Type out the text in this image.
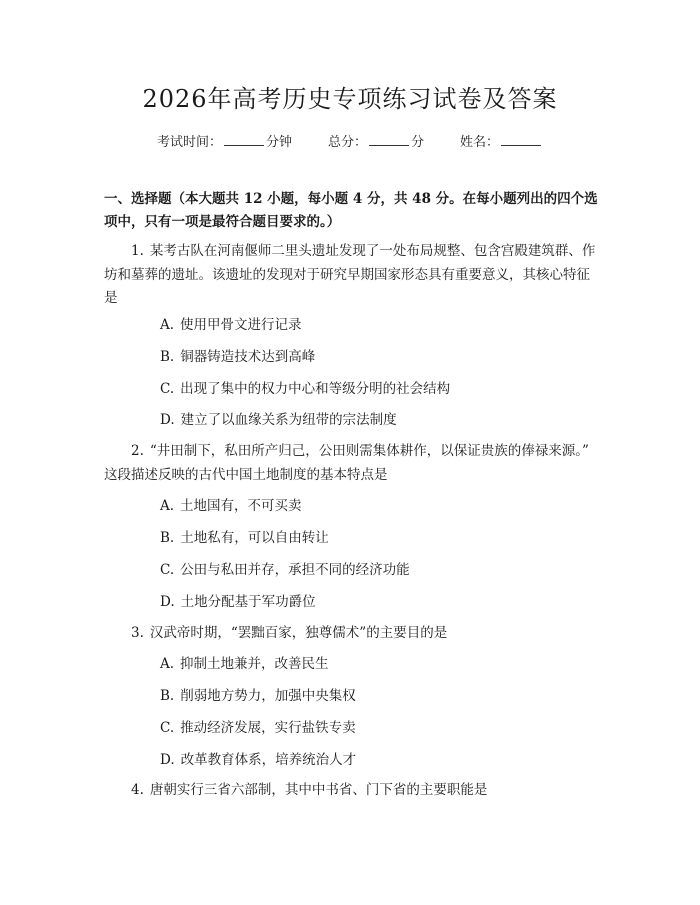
2026年高考历史专项练习试卷及答案
考试时间：	分钟	总分：	分	姓名：
一、选择题（本大题共 12 小题，每小题 4 分，共 48 分。在每小题列出的四个选项中，只有一项是最符合题目要求的。）
1. 某考古队在河南偃师二里头遗址发现了一处布局规整、包含宫殿建筑群、作坊和墓葬的遗址。该遗址的发现对于研究早期国家形态具有重要意义，其核心特征是
A. 使用甲骨文进行记录
B. 铜器铸造技术达到高峰
C. 出现了集中的权力中心和等级分明的社会结构
D. 建立了以血缘关系为纽带的宗法制度
2. “井田制下，私田所产归己，公田则需集体耕作，以保证贵族的俸禄来源。” 这段描述反映的古代中国土地制度的基本特点是
A. 土地国有，不可买卖
B. 土地私有，可以自由转让
C. 公田与私田并存，承担不同的经济功能
D. 土地分配基于军功爵位
3. 汉武帝时期，“罢黜百家，独尊儒术”的主要目的是
A. 抑制土地兼并，改善民生
B. 削弱地方势力，加强中央集权
C. 推动经济发展，实行盐铁专卖
D. 改革教育体系，培养统治人才
4. 唐朝实行三省六部制，其中中书省、门下省的主要职能是
